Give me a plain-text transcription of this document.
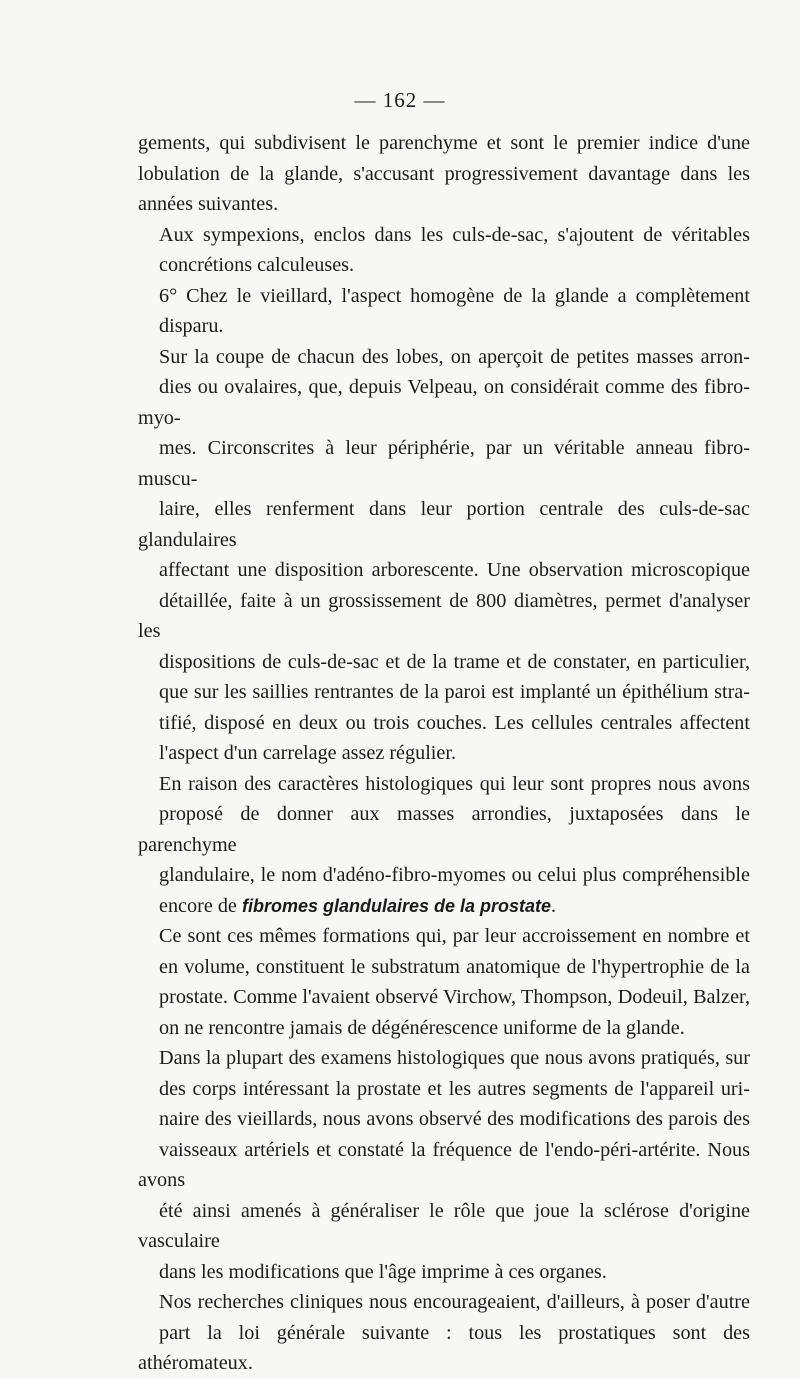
— 162 —

gements, qui subdivisent le parenchyme et sont le premier indice d'une
lobulation de la glande, s'accusant progressivement davantage dans les
années suivantes.

Aux sympexions, enclos dans les culs-de-sac, s'ajoutent de véritables
concrétions calculeuses.

6° Chez le vieillard, l'aspect homogène de la glande a complètement
disparu.

Sur la coupe de chacun des lobes, on aperçoit de petites masses arron-
dies ou ovalaires, que, depuis Velpeau, on considérait comme des fibro-myo-
mes. Circonscrites à leur périphérie, par un véritable anneau fibro-muscu-
laire, elles renferment dans leur portion centrale des culs-de-sac glandulaires
affectant une disposition arborescente. Une observation microscopique
détaillée, faite à un grossissement de 800 diamètres, permet d'analyser les
dispositions de culs-de-sac et de la trame et de constater, en particulier,
que sur les saillies rentrantes de la paroi est implanté un épithélium stra-
tifié, disposé en deux ou trois couches. Les cellules centrales affectent
l'aspect d'un carrelage assez régulier.

En raison des caractères histologiques qui leur sont propres nous avons
proposé de donner aux masses arrondies, juxtaposées dans le parenchyme
glandulaire, le nom d'adéno-fibro-myomes ou celui plus compréhensible
encore de fibromes glandulaires de la prostate.

Ce sont ces mêmes formations qui, par leur accroissement en nombre et
en volume, constituent le substratum anatomique de l'hypertrophie de la
prostate. Comme l'avaient observé Virchow, Thompson, Dodeuil, Balzer,
on ne rencontre jamais de dégénérescence uniforme de la glande.

Dans la plupart des examens histologiques que nous avons pratiqués, sur
des corps intéressant la prostate et les autres segments de l'appareil uri-
naire des vieillards, nous avons observé des modifications des parois des
vaisseaux artériels et constaté la fréquence de l'endo-péri-artérite. Nous avons
été ainsi amenés à généraliser le rôle que joue la sclérose d'origine vasculaire
dans les modifications que l'âge imprime à ces organes.

Nos recherches cliniques nous encourageaient, d'ailleurs, à poser d'autre
part la loi générale suivante : tous les prostatiques sont des athéromateux.
